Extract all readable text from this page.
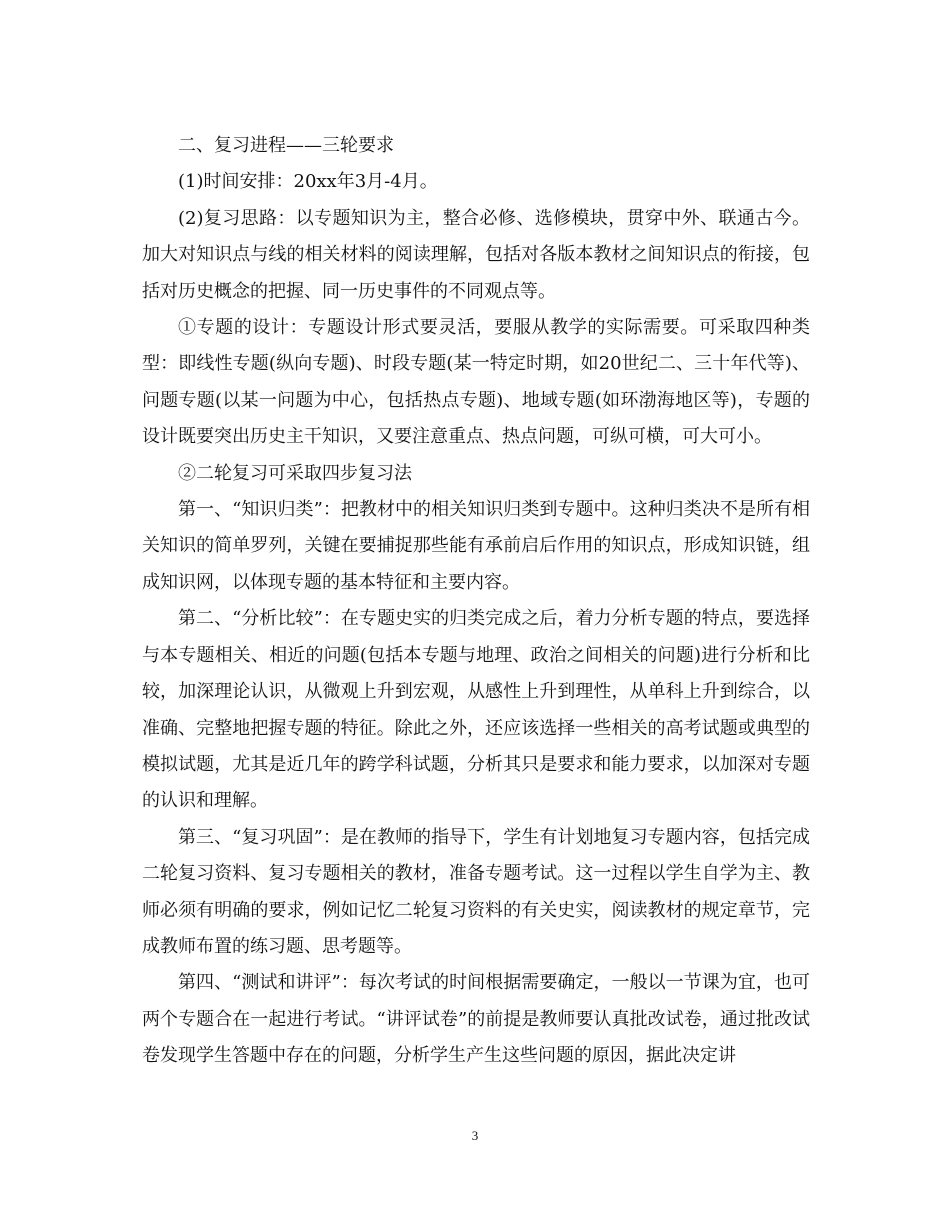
二、复习进程——三轮要求

(1)时间安排：20xx年3月-4月。

(2)复习思路：以专题知识为主，整合必修、选修模块，贯穿中外、联通古今。加大对知识点与线的相关材料的阅读理解，包括对各版本教材之间知识点的衔接，包括对历史概念的把握、同一历史事件的不同观点等。

①专题的设计：专题设计形式要灵活，要服从教学的实际需要。可采取四种类型：即线性专题(纵向专题)、时段专题(某一特定时期，如20世纪二、三十年代等)、问题专题(以某一问题为中心，包括热点专题)、地域专题(如环渤海地区等)，专题的设计既要突出历史主干知识，又要注意重点、热点问题，可纵可横，可大可小。

②二轮复习可采取四步复习法

第一、“知识归类”：把教材中的相关知识归类到专题中。这种归类决不是所有相关知识的简单罗列，关键在要捕捉那些能有承前启后作用的知识点，形成知识链，组成知识网，以体现专题的基本特征和主要内容。

第二、“分析比较”：在专题史实的归类完成之后，着力分析专题的特点，要选择与本专题相关、相近的问题(包括本专题与地理、政治之间相关的问题)进行分析和比较，加深理论认识，从微观上升到宏观，从感性上升到理性，从单科上升到综合，以准确、完整地把握专题的特征。除此之外，还应该选择一些相关的高考试题或典型的模拟试题，尤其是近几年的跨学科试题，分析其只是要求和能力要求，以加深对专题的认识和理解。

第三、“复习巩固”：是在教师的指导下，学生有计划地复习专题内容，包括完成二轮复习资料、复习专题相关的教材，准备专题考试。这一过程以学生自学为主、教师必须有明确的要求，例如记忆二轮复习资料的有关史实，阅读教材的规定章节，完成教师布置的练习题、思考题等。

第四、“测试和讲评”：每次考试的时间根据需要确定，一般以一节课为宜，也可两个专题合在一起进行考试。“讲评试卷”的前提是教师要认真批改试卷，通过批改试卷发现学生答题中存在的问题，分析学生产生这些问题的原因，据此决定讲

3
